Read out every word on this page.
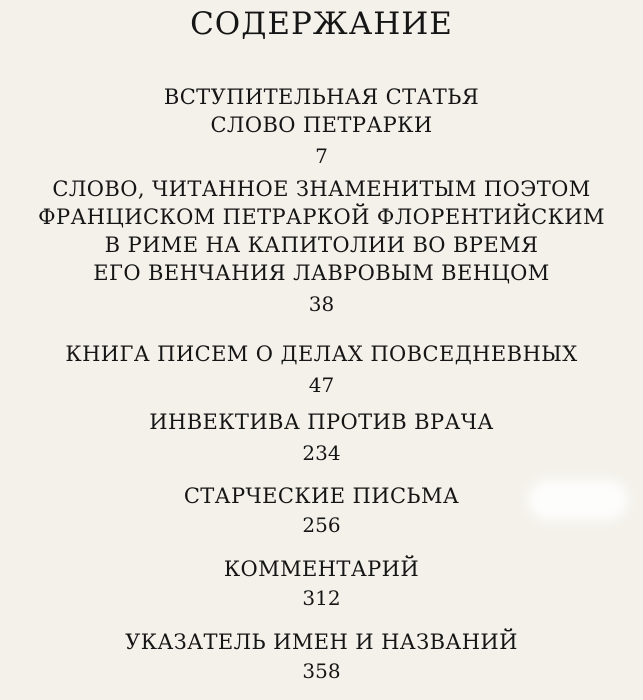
СОДЕРЖАНИЕ
ВСТУПИТЕЛЬНАЯ СТАТЬЯ
СЛОВО ПЕТРАРКИ
7
СЛОВО, ЧИТАННОЕ ЗНАМЕНИТЫМ ПОЭТОМ
ФРАНЦИСКОМ ПЕТРАРКОЙ ФЛОРЕНТИЙСКИМ
В РИМЕ НА КАПИТОЛИИ ВО ВРЕМЯ
ЕГО ВЕНЧАНИЯ ЛАВРОВЫМ ВЕНЦОМ
38
КНИГА ПИСЕМ О ДЕЛАХ ПОВСЕДНЕВНЫХ
47
ИНВЕКТИВА ПРОТИВ ВРАЧА
234
СТАРЧЕСКИЕ ПИСЬМА
256
КОММЕНТАРИЙ
312
УКАЗАТЕЛЬ ИМЕН И НАЗВАНИЙ
358
